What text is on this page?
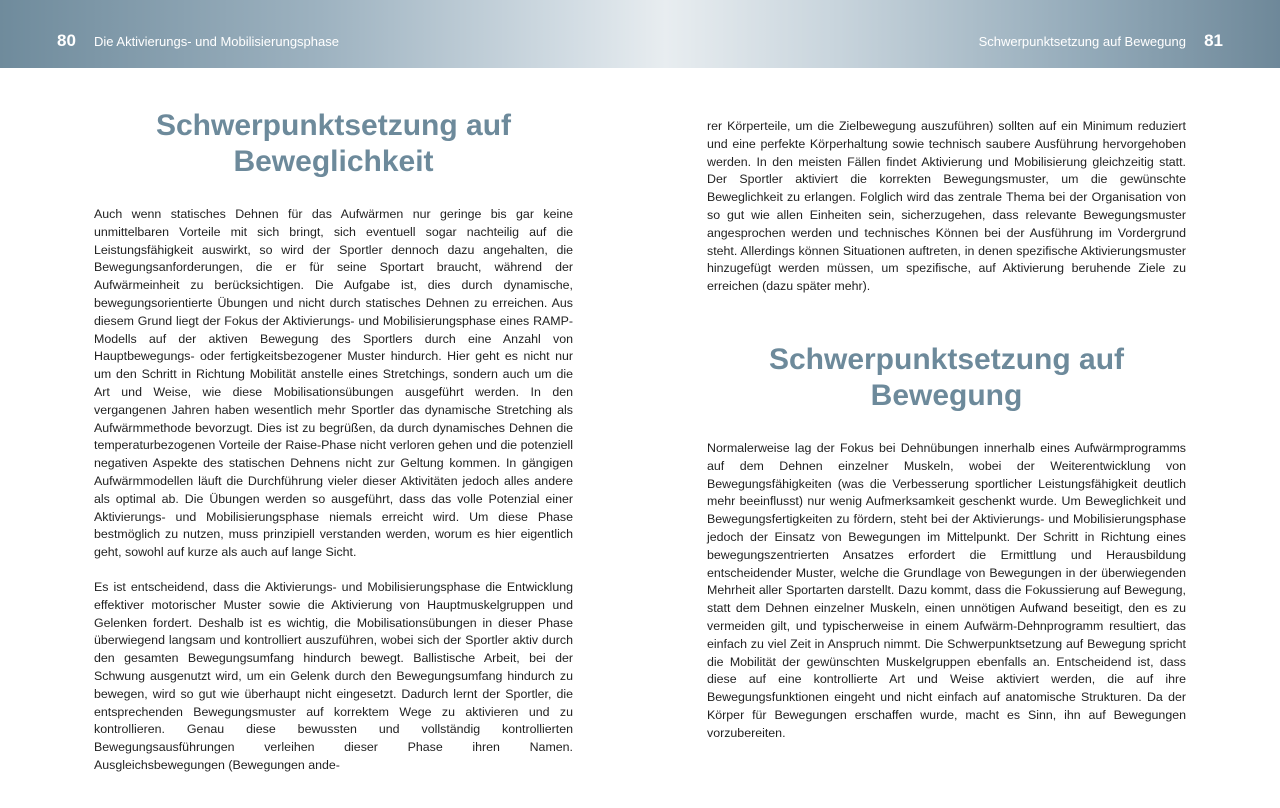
80 Die Aktivierungs- und Mobilisierungsphase	Schwerpunktsetzung auf Bewegung 81
Schwerpunktsetzung auf
Beweglichkeit

Auch wenn statisches Dehnen für das Aufwärmen nur geringe bis gar keine unmittelbaren Vorteile mit sich bringt, sich eventuell sogar nachteilig auf die Leistungsfähigkeit auswirkt, so wird der Sportler dennoch dazu angehalten, die Bewegungsanforderungen, die er für seine Sportart braucht, während der Aufwärmeinheit zu berücksichtigen. Die Aufgabe ist, dies durch dynamische, bewegungsorientierte Übungen und nicht durch statisches Dehnen zu erreichen. Aus diesem Grund liegt der Fokus der Aktivierungs- und Mobilisierungsphase eines RAMP-Modells auf der aktiven Bewegung des Sportlers durch eine Anzahl von Hauptbewegungs- oder fertigkeitsbezogener Muster hindurch. Hier geht es nicht nur um den Schritt in Richtung Mobilität anstelle eines Stretchings, sondern auch um die Art und Weise, wie diese Mobilisationsübungen ausgeführt werden. In den vergangenen Jahren haben wesentlich mehr Sportler das dynamische Stretching als Aufwärmmethode bevorzugt. Dies ist zu begrüßen, da durch dynamisches Dehnen die temperaturbezogenen Vorteile der Raise-Phase nicht verloren gehen und die potenziell negativen Aspekte des statischen Dehnens nicht zur Geltung kommen. In gängigen Aufwärmmodellen läuft die Durchführung vieler dieser Aktivitäten jedoch alles andere als optimal ab. Die Übungen werden so ausgeführt, dass das volle Potenzial einer Aktivierungs- und Mobilisierungsphase niemals erreicht wird. Um diese Phase bestmöglich zu nutzen, muss prinzipiell verstanden werden, worum es hier eigentlich geht, sowohl auf kurze als auch auf lange Sicht.

Es ist entscheidend, dass die Aktivierungs- und Mobilisierungsphase die Entwicklung effektiver motorischer Muster sowie die Aktivierung von Hauptmuskelgruppen und Gelenken fordert. Deshalb ist es wichtig, die Mobilisationsübungen in dieser Phase überwiegend langsam und kontrolliert auszuführen, wobei sich der Sportler aktiv durch den gesamten Bewegungsumfang hindurch bewegt. Ballistische Arbeit, bei der Schwung ausgenutzt wird, um ein Gelenk durch den Bewegungsumfang hindurch zu bewegen, wird so gut wie überhaupt nicht eingesetzt. Dadurch lernt der Sportler, die entsprechenden Bewegungsmuster auf korrektem Wege zu aktivieren und zu kontrollieren. Genau diese bewussten und vollständig kontrollierten Bewegungsausführungen verleihen dieser Phase ihren Namen. Ausgleichsbewegungen (Bewegungen ande-

rer Körperteile, um die Zielbewegung auszuführen) sollten auf ein Minimum reduziert und eine perfekte Körperhaltung sowie technisch saubere Ausführung hervorgehoben werden. In den meisten Fällen findet Aktivierung und Mobilisierung gleichzeitig statt. Der Sportler aktiviert die korrekten Bewegungsmuster, um die gewünschte Beweglichkeit zu erlangen. Folglich wird das zentrale Thema bei der Organisation von so gut wie allen Einheiten sein, sicherzugehen, dass relevante Bewegungsmuster angesprochen werden und technisches Können bei der Ausführung im Vordergrund steht. Allerdings können Situationen auftreten, in denen spezifische Aktivierungsmuster hinzugefügt werden müssen, um spezifische, auf Aktivierung beruhende Ziele zu erreichen (dazu später mehr).

Schwerpunktsetzung auf
Bewegung

Normalerweise lag der Fokus bei Dehnübungen innerhalb eines Aufwärmprogramms auf dem Dehnen einzelner Muskeln, wobei der Weiterentwicklung von Bewegungsfähigkeiten (was die Verbesserung sportlicher Leistungsfähigkeit deutlich mehr beeinflusst) nur wenig Aufmerksamkeit geschenkt wurde. Um Beweglichkeit und Bewegungsfertigkeiten zu fördern, steht bei der Aktivierungs- und Mobilisierungsphase jedoch der Einsatz von Bewegungen im Mittelpunkt. Der Schritt in Richtung eines bewegungszentrierten Ansatzes erfordert die Ermittlung und Herausbildung entscheidender Muster, welche die Grundlage von Bewegungen in der überwiegenden Mehrheit aller Sportarten darstellt. Dazu kommt, dass die Fokussierung auf Bewegung, statt dem Dehnen einzelner Muskeln, einen unnötigen Aufwand beseitigt, den es zu vermeiden gilt, und typischerweise in einem Aufwärm-Dehnprogramm resultiert, das einfach zu viel Zeit in Anspruch nimmt. Die Schwerpunktsetzung auf Bewegung spricht die Mobilität der gewünschten Muskelgruppen ebenfalls an. Entscheidend ist, dass diese auf eine kontrollierte Art und Weise aktiviert werden, die auf ihre Bewegungsfunktionen eingeht und nicht einfach auf anatomische Strukturen. Da der Körper für Bewegungen erschaffen wurde, macht es Sinn, ihn auf Bewegungen vorzubereiten.
